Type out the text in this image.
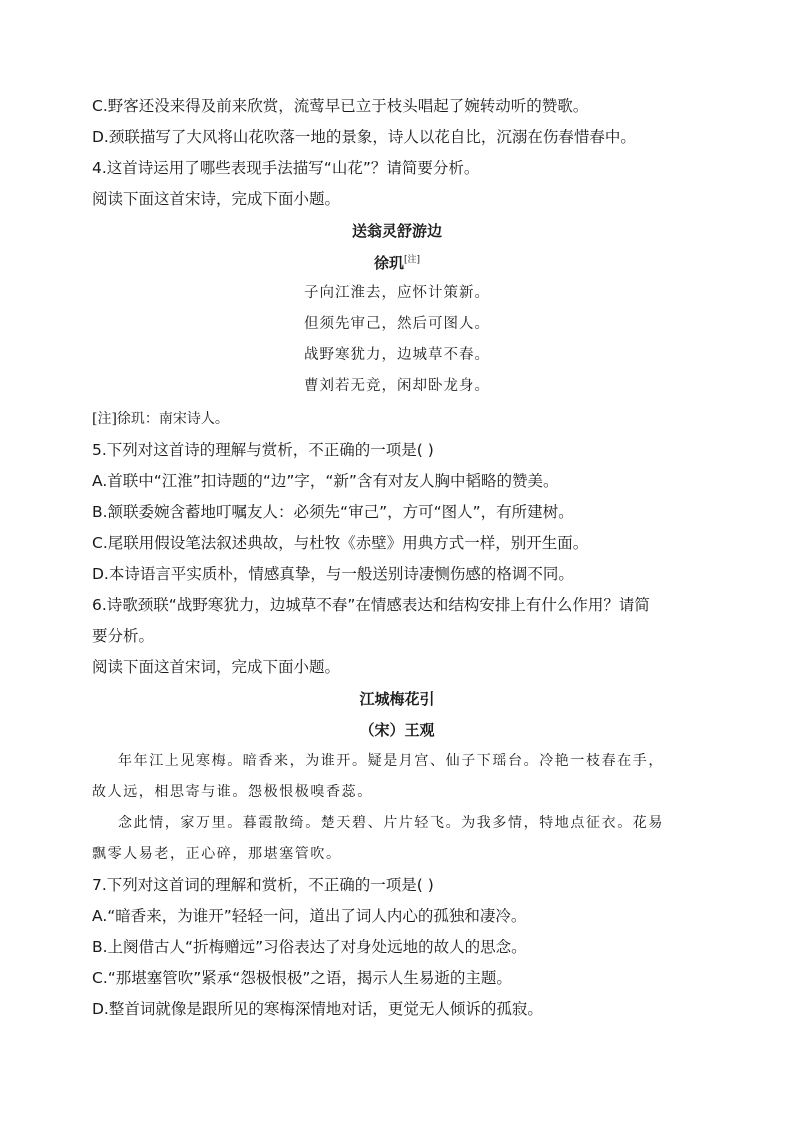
C.野客还没来得及前来欣赏，流莺早已立于枝头唱起了婉转动听的赞歌。
D.颈联描写了大风将山花吹落一地的景象，诗人以花自比，沉溺在伤春惜春中。
4.这首诗运用了哪些表现手法描写“山花”？请简要分析。
阅读下面这首宋诗，完成下面小题。
送翁灵舒游边
徐玑[注]
子向江淮去，应怀计策新。
但须先审己，然后可图人。
战野寒犹力，边城草不春。
曹刘若无竞，闲却卧龙身。
[注]徐玑：南宋诗人。
5.下列对这首诗的理解与赏析，不正确的一项是( )
A.首联中“江淮”扣诗题的“边”字，“新”含有对友人胸中韬略的赞美。
B.颔联委婉含蓄地叮嘱友人：必须先“审己”，方可“图人”，有所建树。
C.尾联用假设笔法叙述典故，与杜牧《赤壁》用典方式一样，别开生面。
D.本诗语言平实质朴，情感真挚，与一般送别诗凄恻伤感的格调不同。
6.诗歌颈联“战野寒犹力，边城草不春”在情感表达和结构安排上有什么作用？请简
要分析。
阅读下面这首宋词，完成下面小题。
江城梅花引
（宋）王观
年年江上见寒梅。暗香来，为谁开。疑是月宫、仙子下瑶台。冷艳一枝春在手，
故人远，相思寄与谁。怨极恨极嗅香蕊。
念此情，家万里。暮霞散绮。楚天碧、片片轻飞。为我多情，特地点征衣。花易
飘零人易老，正心碎，那堪塞管吹。
7.下列对这首词的理解和赏析，不正确的一项是( )
A.“暗香来，为谁开”轻轻一问，道出了词人内心的孤独和凄冷。
B.上阕借古人“折梅赠远”习俗表达了对身处远地的故人的思念。
C.“那堪塞管吹”紧承“怨极恨极”之语，揭示人生易逝的主题。
D.整首词就像是跟所见的寒梅深情地对话，更觉无人倾诉的孤寂。
